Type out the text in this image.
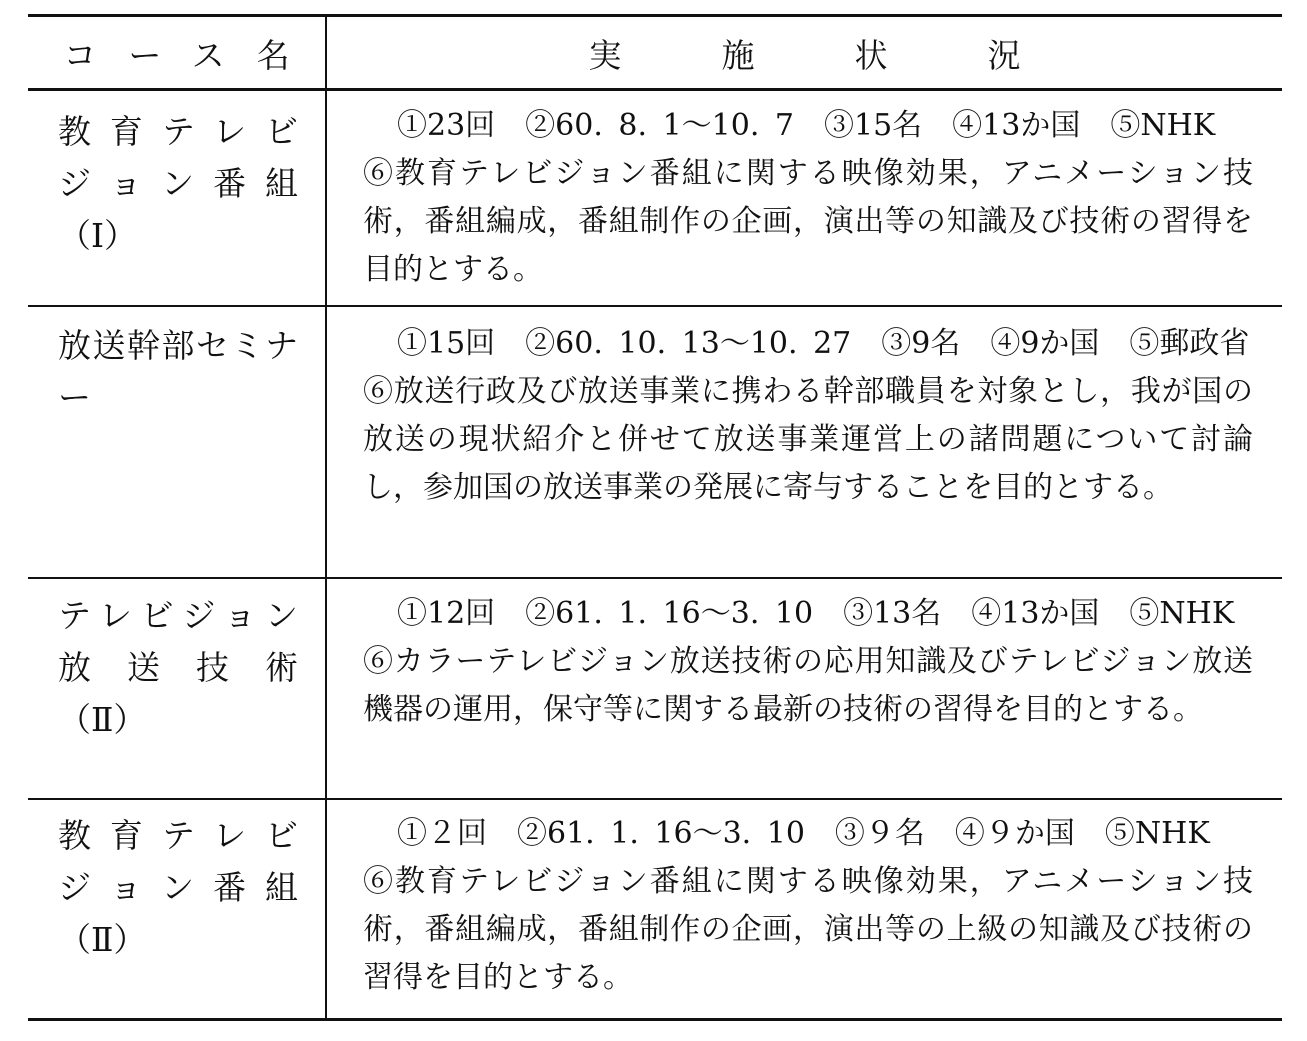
コース名	実施状況
教育テレビ
ジョン番組
（Ⅰ）
①23回　②60. 8. 1～10. 7　③15名　④13か国　⑤NHK
⑥教育テレビジョン番組に関する映像効果，アニメーション技術，番組編成，番組制作の企画，演出等の知識及び技術の習得を目的とする。
放送幹部セミナ
ー
①15回　②60. 10. 13～10. 27　③9名　④9か国　⑤郵政省
⑥放送行政及び放送事業に携わる幹部職員を対象とし，我が国の放送の現状紹介と併せて放送事業運営上の諸問題について討論し，参加国の放送事業の発展に寄与することを目的とする。
テレビジョン
放送技術
（Ⅱ）
①12回　②61. 1. 16～3. 10　③13名　④13か国　⑤NHK
⑥カラーテレビジョン放送技術の応用知識及びテレビジョン放送機器の運用，保守等に関する最新の技術の習得を目的とする。
教育テレビ
ジョン番組
（Ⅱ）
①２回　②61. 1. 16～3. 10　③９名　④９か国　⑤NHK
⑥教育テレビジョン番組に関する映像効果，アニメーション技術，番組編成，番組制作の企画，演出等の上級の知識及び技術の習得を目的とする。
